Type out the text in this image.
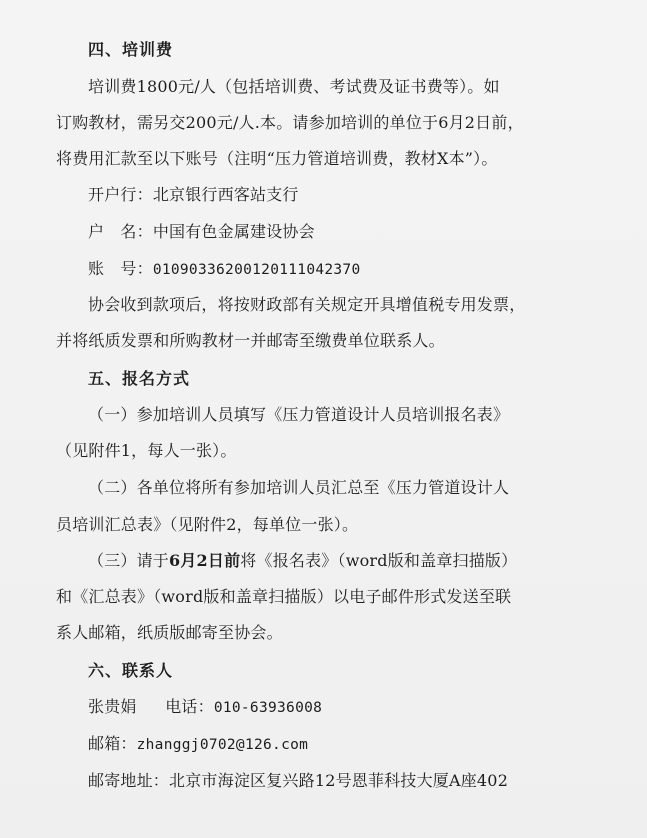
四、培训费
培训费1800元/人（包括培训费、考试费及证书费等）。如
订购教材，需另交200元/人.本。请参加培训的单位于6月2日前，
将费用汇款至以下账号（注明“压力管道培训费，教材X本”）。
开户行：北京银行西客站支行
户　名：中国有色金属建设协会
账　号：01090336200120111042370
协会收到款项后，将按财政部有关规定开具增值税专用发票，
并将纸质发票和所购教材一并邮寄至缴费单位联系人。
五、报名方式
（一）参加培训人员填写《压力管道设计人员培训报名表》
（见附件1，每人一张）。
（二）各单位将所有参加培训人员汇总至《压力管道设计人
员培训汇总表》（见附件2，每单位一张）。
（三）请于6月2日前将《报名表》（word版和盖章扫描版）
和《汇总表》（word版和盖章扫描版）以电子邮件形式发送至联
系人邮箱，纸质版邮寄至协会。
六、联系人
张贵娟 电话：010-63936008
邮箱：zhanggj0702@126.com
邮寄地址：北京市海淀区复兴路12号恩菲科技大厦A座402
